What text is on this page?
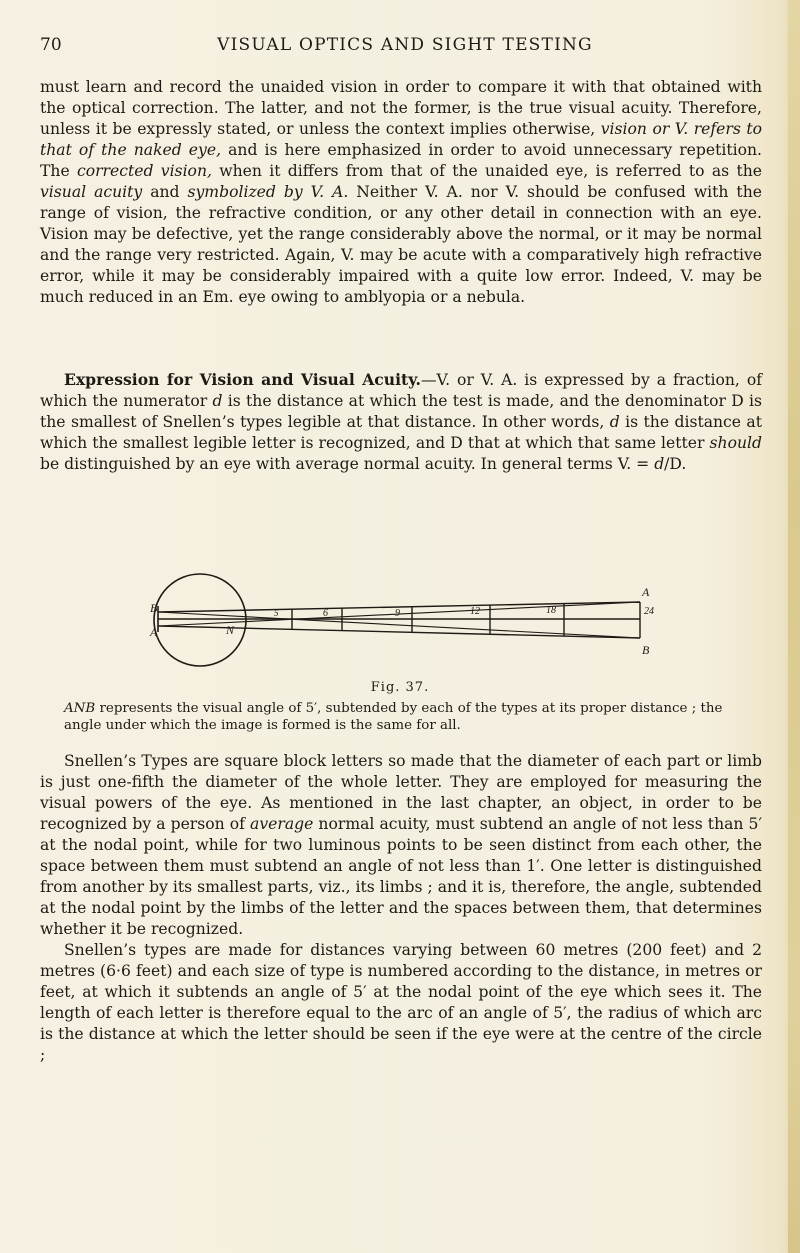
70	VISUAL OPTICS AND SIGHT TESTING

must learn and record the unaided vision in order to compare it with that obtained with the optical correction. The latter, and not the former, is the true visual acuity. Therefore, unless it be expressly stated, or unless the context implies otherwise, vision or V. refers to that of the naked eye, and is here emphasized in order to avoid unnecessary repetition. The corrected vision, when it differs from that of the unaided eye, is referred to as the visual acuity and symbolized by V. A. Neither V. A. nor V. should be confused with the range of vision, the refractive condition, or any other detail in connection with an eye. Vision may be defective, yet the range considerably above the normal, or it may be normal and the range very restricted. Again, V. may be acute with a comparatively high refractive error, while it may be considerably impaired with a quite low error. Indeed, V. may be much reduced in an Em. eye owing to amblyopia or a nebula.

Expression for Vision and Visual Acuity.—V. or V. A. is expressed by a fraction, of which the numerator d is the distance at which the test is made, and the denominator D is the smallest of Snellen’s types legible at that distance. In other words, d is the distance at which the smallest legible letter is recognized, and D that at which that same letter should be distinguished by an eye with average normal acuity. In general terms V. = d/D.

B
A	N
A
B
5	6	9	12	18	24
Fig. 37.
ANB represents the visual angle of 5′, subtended by each of the types at its proper distance ; the angle under which the image is formed is the same for all.

Snellen’s Types are square block letters so made that the diameter of each part or limb is just one-fifth the diameter of the whole letter. They are employed for measuring the visual powers of the eye. As mentioned in the last chapter, an object, in order to be recognized by a person of average normal acuity, must subtend an angle of not less than 5′ at the nodal point, while for two luminous points to be seen distinct from each other, the space between them must subtend an angle of not less than 1′. One letter is distinguished from another by its smallest parts, viz., its limbs ; and it is, therefore, the angle, subtended at the nodal point by the limbs of the letter and the spaces between them, that determines whether it be recognized.

Snellen’s types are made for distances varying between 60 metres (200 feet) and 2 metres (6·6 feet) and each size of type is numbered according to the distance, in metres or feet, at which it subtends an angle of 5′ at the nodal point of the eye which sees it. The length of each letter is therefore equal to the arc of an angle of 5′, the radius of which arc is the distance at which the letter should be seen if the eye were at the centre of the circle ;
